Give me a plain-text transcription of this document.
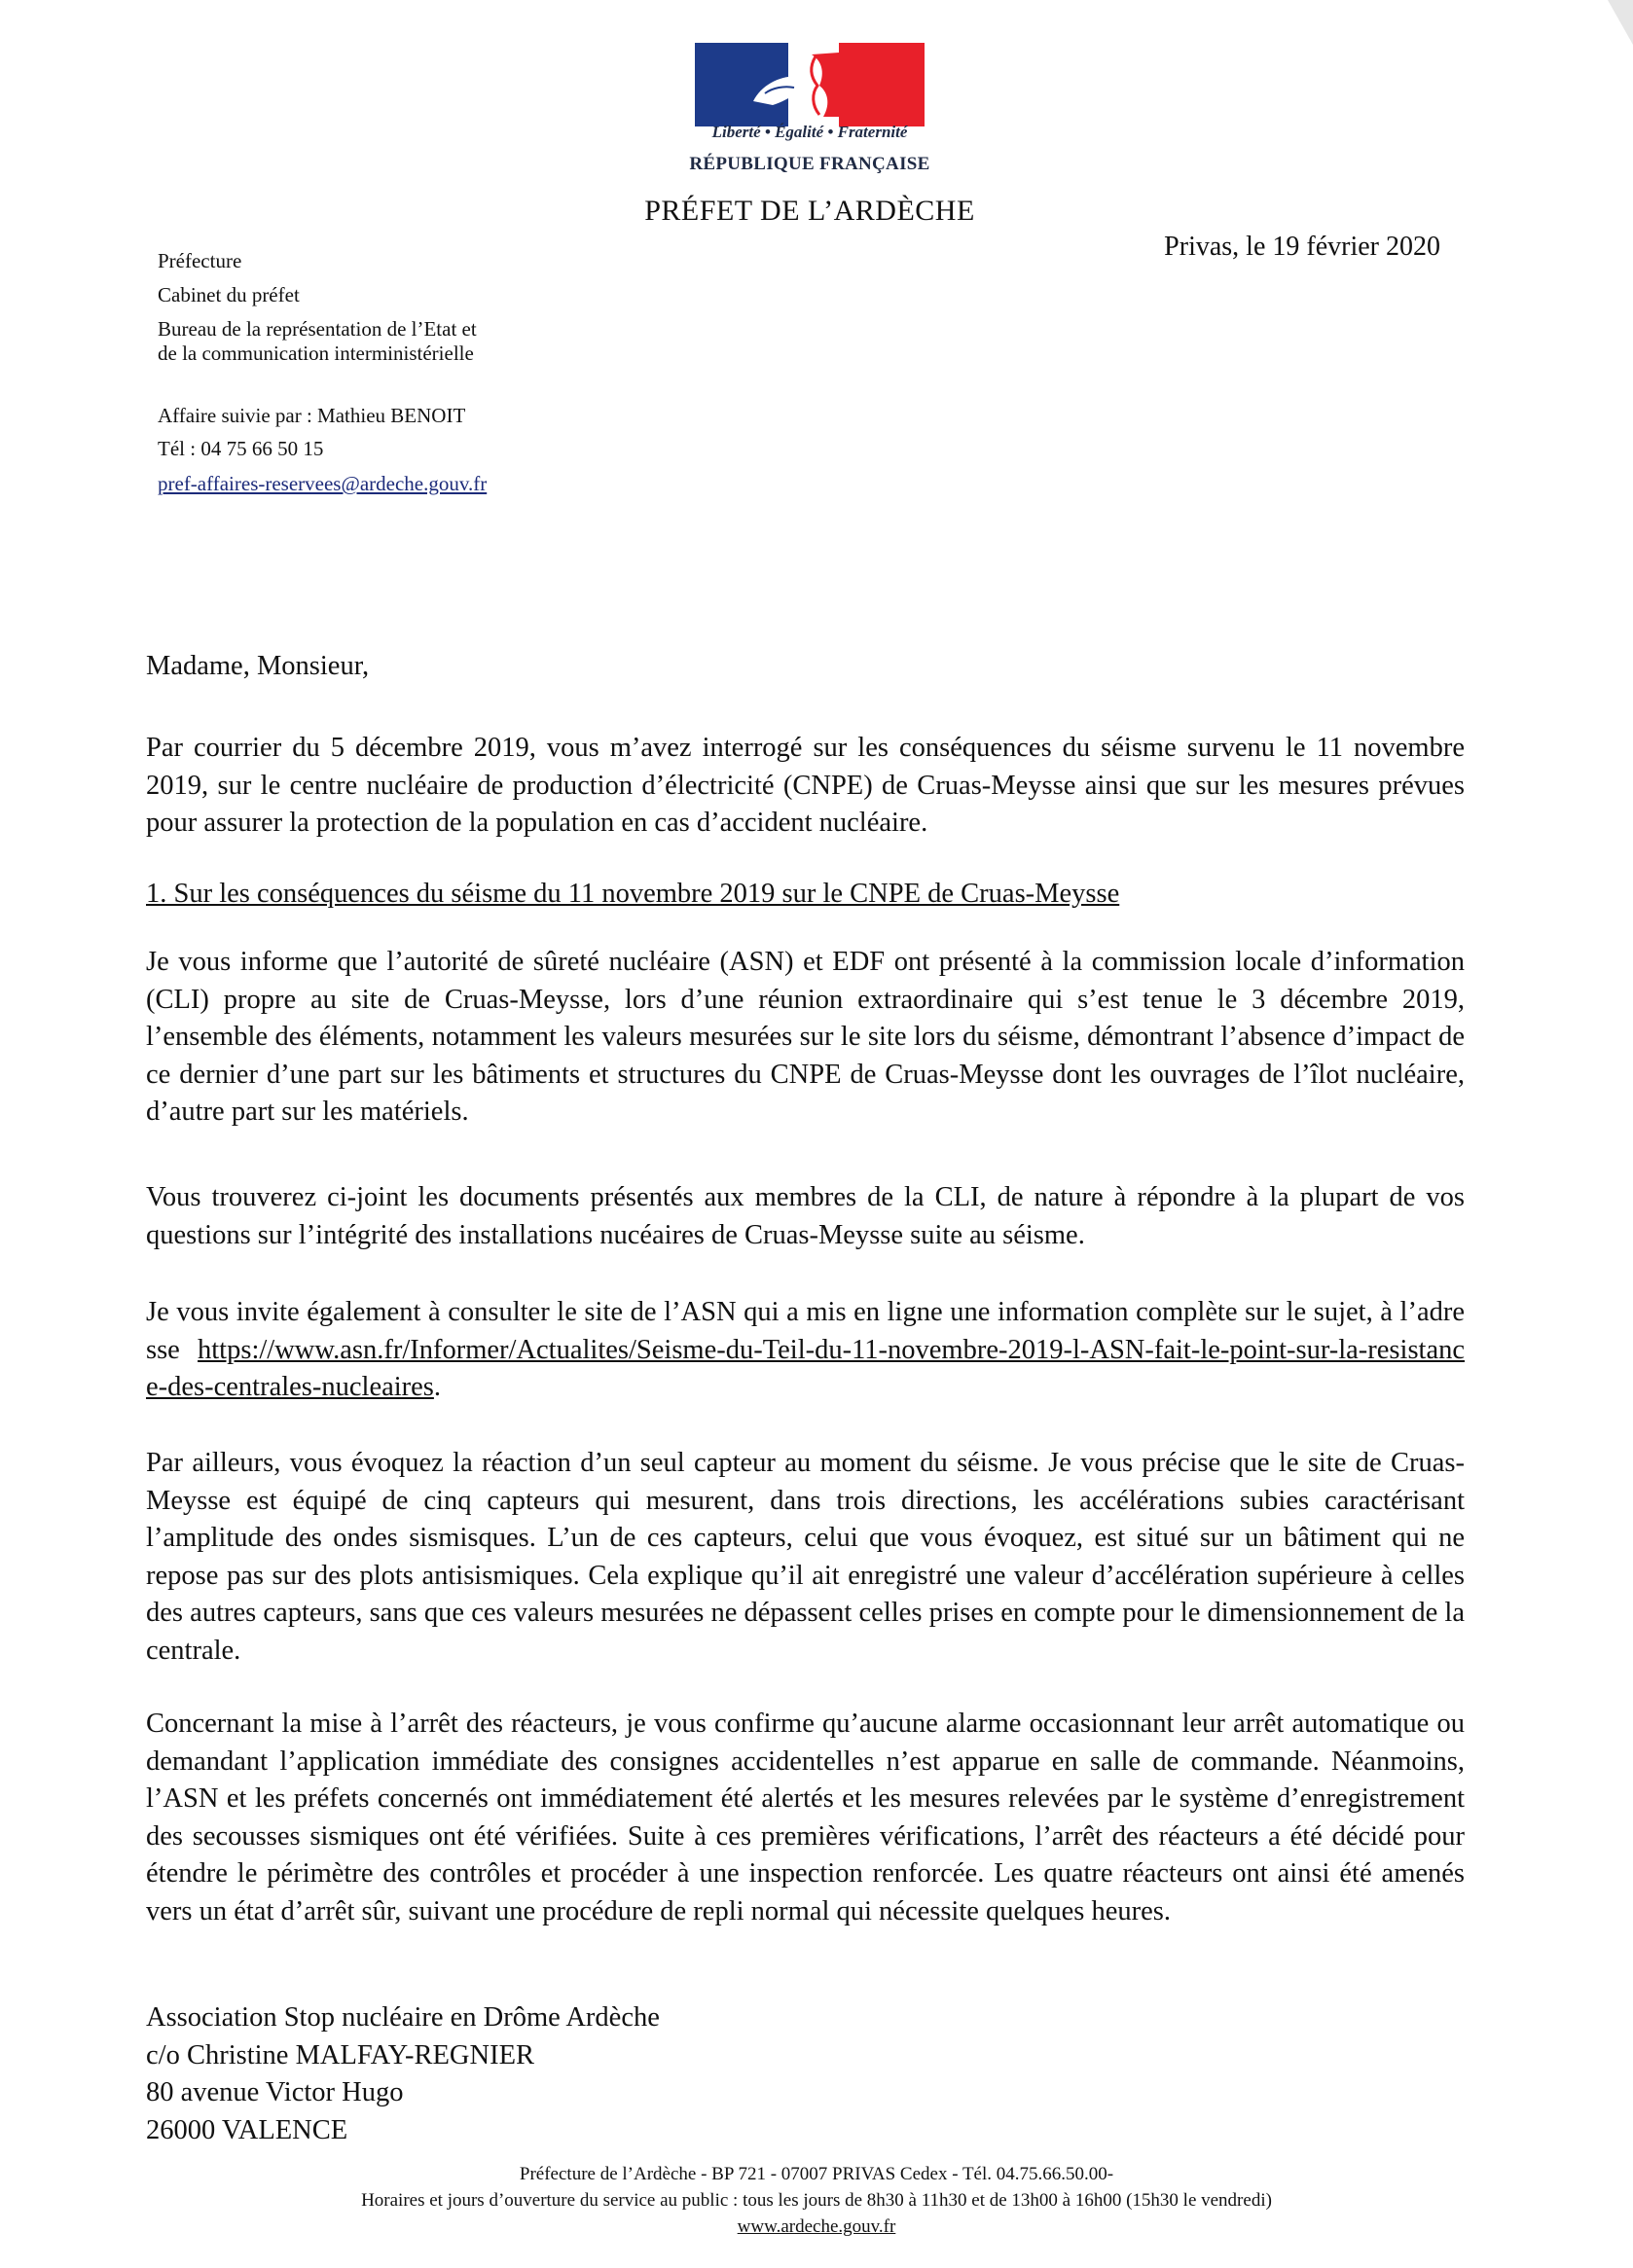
Liberté • Égalité • Fraternité
RÉPUBLIQUE FRANÇAISE
PRÉFET DE L’ARDÈCHE
Préfecture
Cabinet du préfet
Bureau de la représentation de l’Etat et
de la communication interministérielle
Affaire suivie par : Mathieu BENOIT
Tél : 04 75 66 50 15
pref-affaires-reservees@ardeche.gouv.fr
Privas, le 19 février 2020
Madame, Monsieur,
Par courrier du 5 décembre 2019, vous m’avez interrogé sur les conséquences du séisme survenu le 11 novembre 2019, sur le centre nucléaire de production d’électricité (CNPE) de Cruas-Meysse ainsi que sur les mesures prévues pour assurer la protection de la population en cas d’accident nucléaire.
1. Sur les conséquences du séisme du 11 novembre 2019 sur le CNPE de Cruas-Meysse
Je vous informe que l’autorité de sûreté nucléaire (ASN) et EDF ont présenté à la commission locale d’information (CLI) propre au site de Cruas-Meysse, lors d’une réunion extraordinaire qui s’est tenue le 3 décembre 2019, l’ensemble des éléments, notamment les valeurs mesurées sur le site lors du séisme, démontrant l’absence d’impact de ce dernier d’une part sur les bâtiments et structures du CNPE de Cruas-Meysse dont les ouvrages de l’îlot nucléaire, d’autre part sur les matériels.
Vous trouverez ci-joint les documents présentés aux membres de la CLI, de nature à répondre à la plupart de vos questions sur l’intégrité des installations nucéaires de Cruas-Meysse suite au séisme.
Je vous invite également à consulter le site de l’ASN qui a mis en ligne une information complète sur le sujet, à l’adresse https://www.asn.fr/Informer/Actualites/Seisme-du-Teil-du-11-novembre-2019-l-ASN-fait-le-point-sur-la-resistance-des-centrales-nucleaires.
Par ailleurs, vous évoquez la réaction d’un seul capteur au moment du séisme. Je vous précise que le site de Cruas-Meysse est équipé de cinq capteurs qui mesurent, dans trois directions, les accélérations subies caractérisant l’amplitude des ondes sismisques. L’un de ces capteurs, celui que vous évoquez, est situé sur un bâtiment qui ne repose pas sur des plots antisismiques. Cela explique qu’il ait enregistré une valeur d’accélération supérieure à celles des autres capteurs, sans que ces valeurs mesurées ne dépassent celles prises en compte pour le dimensionnement de la centrale.
Concernant la mise à l’arrêt des réacteurs, je vous confirme qu’aucune alarme occasionnant leur arrêt automatique ou demandant l’application immédiate des consignes accidentelles n’est apparue en salle de commande. Néanmoins, l’ASN et les préfets concernés ont immédiatement été alertés et les mesures relevées par le système d’enregistrement des secousses sismiques ont été vérifiées. Suite à ces premières vérifications, l’arrêt des réacteurs a été décidé pour étendre le périmètre des contrôles et procéder à une inspection renforcée. Les quatre réacteurs ont ainsi été amenés vers un état d’arrêt sûr, suivant une procédure de repli normal qui nécessite quelques heures.
Association Stop nucléaire en Drôme Ardèche
c/o Christine MALFAY-REGNIER
80 avenue Victor Hugo
26000 VALENCE
Préfecture de l’Ardèche - BP 721 - 07007 PRIVAS Cedex - Tél. 04.75.66.50.00-
Horaires et jours d’ouverture du service au public : tous les jours de 8h30 à 11h30 et de 13h00 à 16h00 (15h30 le vendredi)
www.ardeche.gouv.fr
